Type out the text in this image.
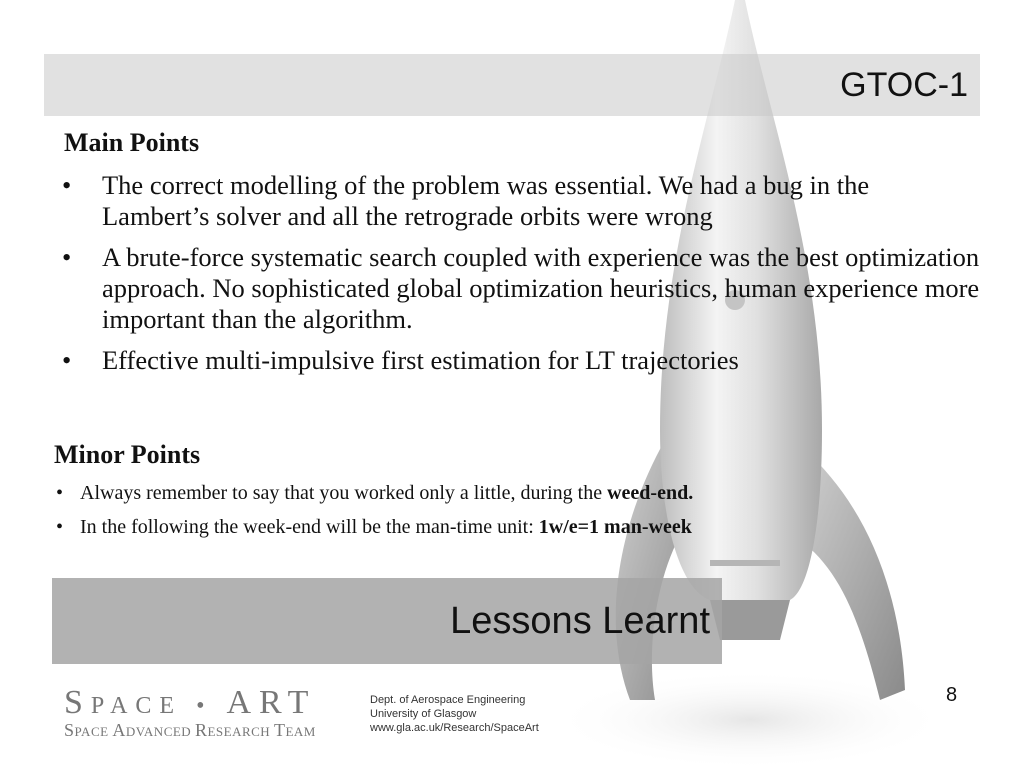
GTOC-1
Main Points
• The correct modelling of the problem was essential. We had a bug in the Lambert’s solver and all the retrograde orbits were wrong
• A brute-force systematic search coupled with experience was the best optimization approach. No sophisticated global optimization heuristics, human experience more important than the algorithm.
• Effective multi-impulsive first estimation for LT trajectories
Minor Points
• Always remember to say that you worked only a little, during the weed-end.
• In the following the week-end will be the man-time unit: 1w/e=1 man-week
Lessons Learnt
SPACE • ART
SPACE ADVANCED RESEARCH TEAM
Dept. of Aerospace Engineering
University of Glasgow
www.gla.ac.uk/Research/SpaceArt
8
